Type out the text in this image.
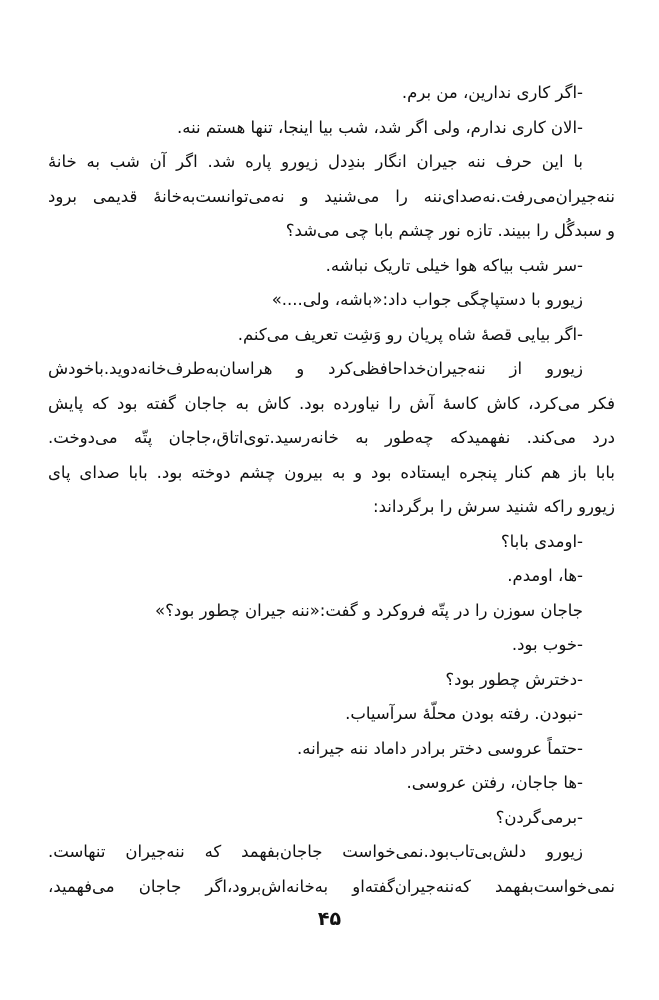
-اگر کاری ندارین، من برم.
-الان کاری ندارم، ولی اگر شد، شب بیا اینجا، تنها هستم ننه.
با این حرف ننه جیران انگار بندِدل زیورو پاره شد. اگر آن شب به خانهٔ
ننه‌جیران‌می‌رفت.نه‌صدای‌ننه را می‌شنید و نه‌می‌توانست‌به‌خانهٔ قدیمی برود
و سبدگُل را ببیند. تازه نور چشم بابا چی می‌شد؟
-سر شب بیاکه هوا خیلی تاریک نباشه.
زیورو با دستپاچگی جواب داد:«باشه، ولی....»
-اگر بیایی قصهٔ شاه پریان رو وَشِت تعریف می‌کنم.
زیورو از ننه‌جیران‌خداحافظی‌کرد و هراسان‌به‌طرف‌خانه‌دوید.باخودش
فکر می‌کرد، کاش کاسهٔ آش را نیاورده بود. کاش به جاجان گفته بود که پایش
درد می‌کند. نفهمیدکه چه‌طور به خانه‌رسید.توی‌اتاق،جاجان پتّه می‌دوخت.
بابا باز هم کنار پنجره ایستاده بود و به بیرون چشم دوخته بود. بابا صدای پای
زیورو راکه شنید سرش را برگرداند:
-اومدی بابا؟
-ها، اومدم.
جاجان سوزن را در پتّه فروکرد و گفت:«ننه جیران چطور بود؟»
-خوب بود.
-دخترش چطور بود؟
-نبودن. رفته بودن محلّهٔ سرآسیاب.
-حتماً عروسی دختر برادر داماد ننه جیرانه.
-ها جاجان، رفتن عروسی.
-برمی‌گردن؟
زیورو دلش‌بی‌تاب‌بود.نمی‌خواست جاجان‌بفهمد که ننه‌جیران تنهاست.
نمی‌خواست‌بفهمد که‌ننه‌جیران‌گفته‌او به‌خانه‌اش‌برود،اگر جاجان می‌فهمید،
۴۵
